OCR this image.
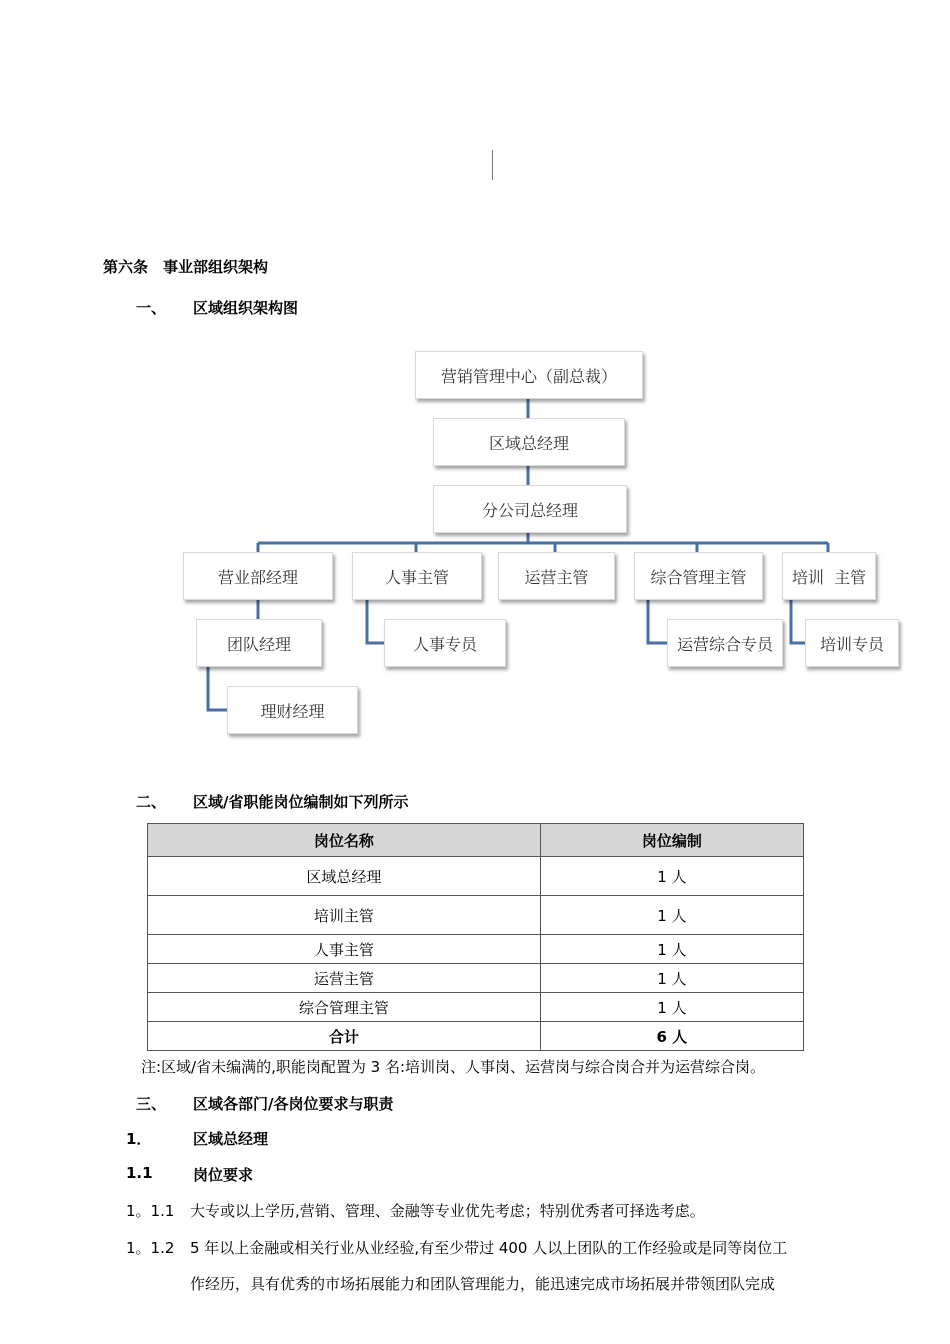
第六条　事业部组织架构
一、 区域组织架构图
营销管理中心（副总裁）
区域总经理
分公司总经理
营业部经理	人事主管	运营主管	综合管理主管	培训  主管
团队经理	人事专员	运营综合专员	培训专员
理财经理
二、 区域/省职能岗位编制如下列所示
岗位名称	岗位编制
区域总经理	1 人
培训主管	1 人
人事主管	1 人
运营主管	1 人
综合管理主管	1 人
合计	6 人
注:区域/省未编满的,职能岗配置为 3 名:培训岗、人事岗、运营岗与综合岗合并为运营综合岗。
三、 区域各部门/各岗位要求与职责
1．	区域总经理
1.1	岗位要求
1。1.1 大专或以上学历,营销、管理、金融等专业优先考虑；特别优秀者可择选考虑。
1。1.2 5 年以上金融或相关行业从业经验,有至少带过 400 人以上团队的工作经验或是同等岗位工
作经历，具有优秀的市场拓展能力和团队管理能力，能迅速完成市场拓展并带领团队完成
